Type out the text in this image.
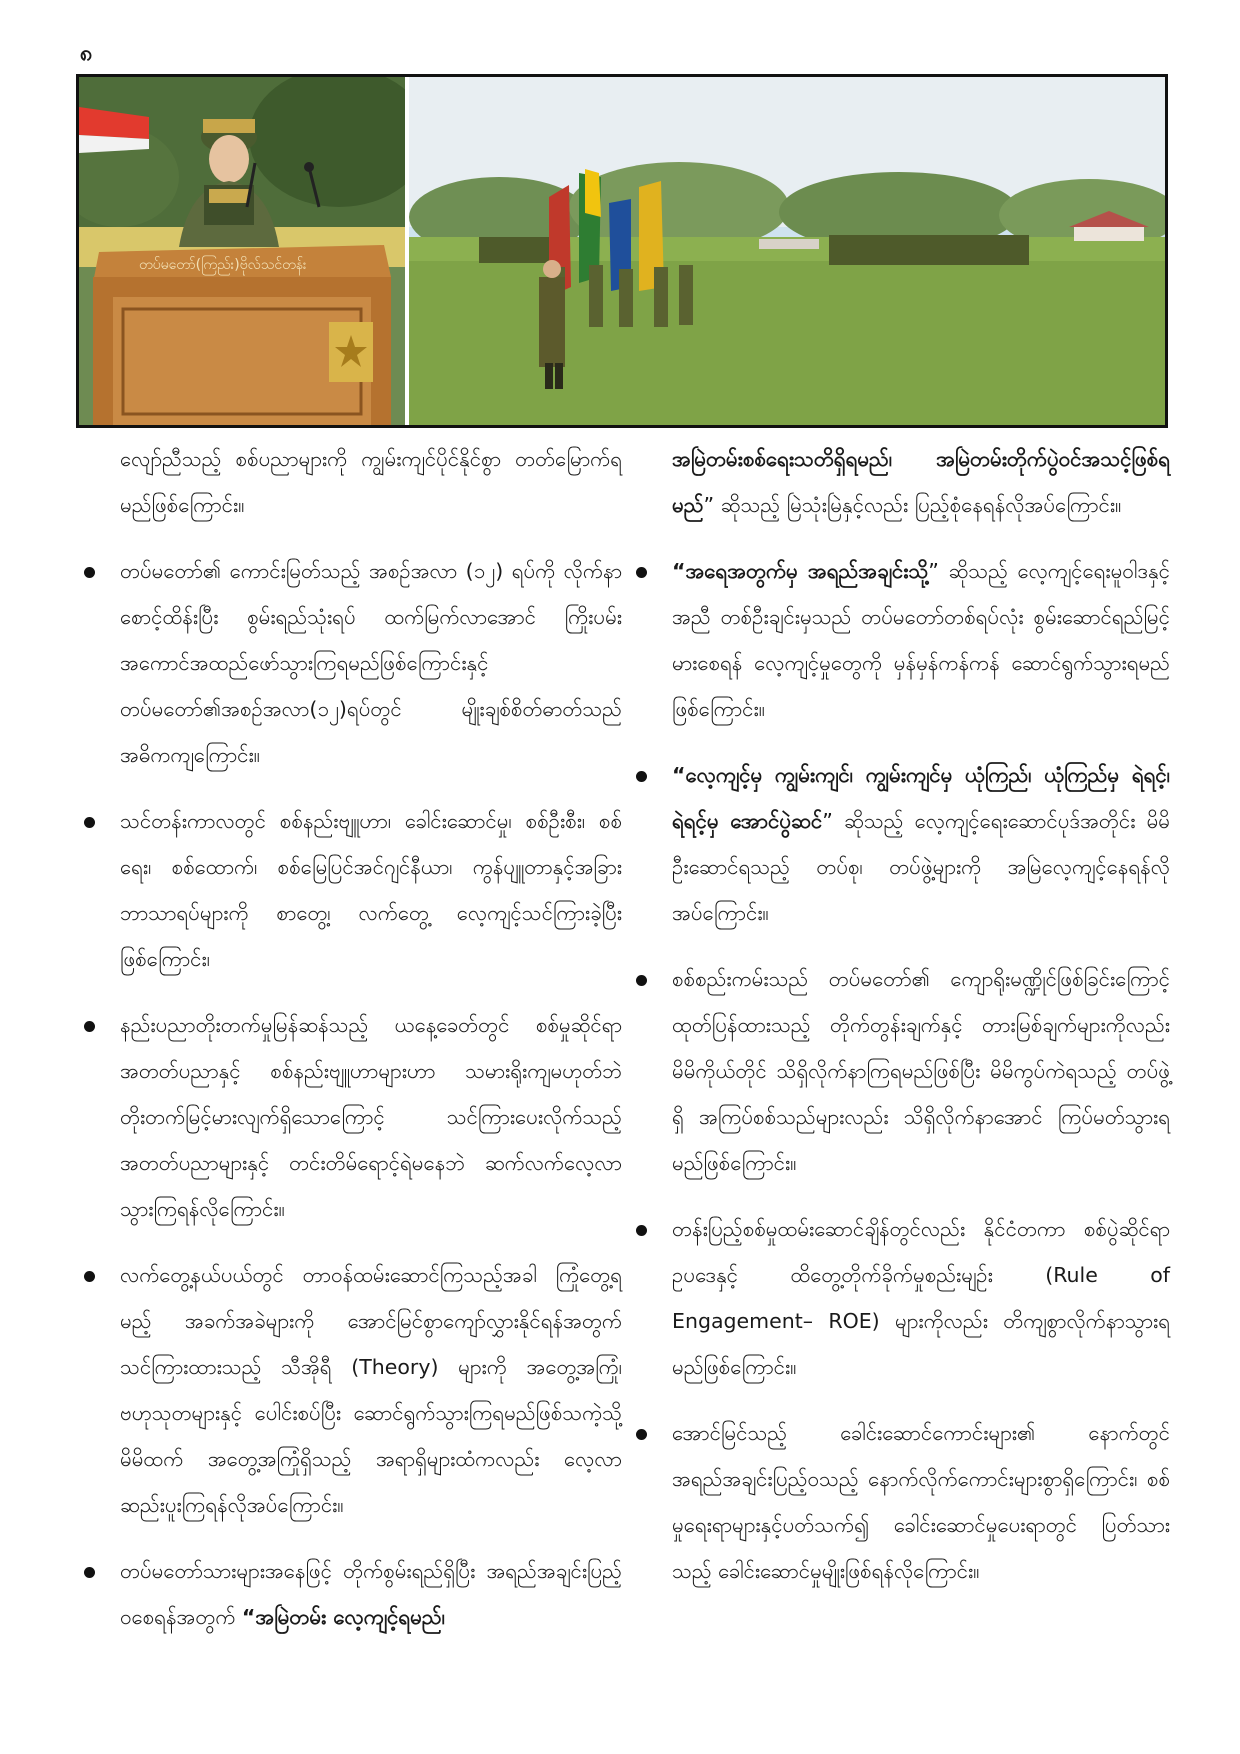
၈
တပ်မတော်(ကြည်း)ဗိုလ်သင်တန်း

လျော်ညီသည့် စစ်ပညာများကို ကျွမ်းကျင်ပိုင်နိုင်စွာ တတ်မြောက်ရမည်ဖြစ်ကြောင်း။

တပ်မတော်၏ ကောင်းမြတ်သည့် အစဉ်အလာ (၁၂) ရပ်ကို လိုက်နာစောင့်ထိန်းပြီး စွမ်းရည်သုံးရပ် ထက်မြက်လာအောင် ကြိုးပမ်းအကောင်အထည်ဖော်သွားကြရမည်ဖြစ်ကြောင်းနှင့် တပ်မတော်၏အစဉ်အလာ(၁၂)ရပ်တွင် မျိုးချစ်စိတ်ဓာတ်သည် အဓိကကျကြောင်း။

သင်တန်းကာလတွင် စစ်နည်းဗျူဟာ၊ ခေါင်းဆောင်မှု၊ စစ်ဦးစီး၊ စစ်ရေး၊ စစ်ထောက်၊ စစ်မြေပြင်အင်ဂျင်နီယာ၊ ကွန်ပျူတာနှင့်အခြားဘာသာရပ်များကို စာတွေ့၊ လက်တွေ့ လေ့ကျင့်သင်ကြားခဲ့ပြီးဖြစ်ကြောင်း၊

နည်းပညာတိုးတက်မှုမြန်ဆန်သည့် ယနေ့ခေတ်တွင် စစ်မှုဆိုင်ရာအတတ်ပညာနှင့် စစ်နည်းဗျူဟာများဟာ သမားရိုးကျမဟုတ်ဘဲ တိုးတက်မြင့်မားလျက်ရှိသောကြောင့် သင်ကြားပေးလိုက်သည့် အတတ်ပညာများနှင့် တင်းတိမ်ရောင့်ရဲမနေဘဲ ဆက်လက်လေ့လာသွားကြရန်လိုကြောင်း။

လက်တွေ့နယ်ပယ်တွင် တာဝန်ထမ်းဆောင်ကြသည့်အခါ ကြုံတွေ့ရမည့် အခက်အခဲများကို အောင်မြင်စွာကျော်လွှားနိုင်ရန်အတွက် သင်ကြားထားသည့် သီအိုရီ (Theory) များကို အတွေ့အကြုံ၊ ဗဟုသုတများနှင့် ပေါင်းစပ်ပြီး ဆောင်ရွက်သွားကြရမည်ဖြစ်သကဲ့သို့ မိမိထက် အတွေ့အကြုံရှိသည့် အရာရှိများထံကလည်း လေ့လာဆည်းပူးကြရန်လိုအပ်ကြောင်း။

တပ်မတော်သားများအနေဖြင့် တိုက်စွမ်းရည်ရှိပြီး အရည်အချင်းပြည့်ဝစေရန်အတွက် “အမြဲတမ်း လေ့ကျင့်ရမည်၊

အမြဲတမ်းစစ်ရေးသတိရှိရမည်၊ အမြဲတမ်းတိုက်ပွဲဝင်အသင့်ဖြစ်ရမည်” ဆိုသည့် မြဲသုံးမြဲနှင့်လည်း ပြည့်စုံနေရန်လိုအပ်ကြောင်း။

“အရေအတွက်မှ အရည်အချင်းသို့” ဆိုသည့် လေ့ကျင့်ရေးမူဝါဒနှင့်အညီ တစ်ဦးချင်းမှသည် တပ်မတော်တစ်ရပ်လုံး စွမ်းဆောင်ရည်မြင့်မားစေရန် လေ့ကျင့်မှုတွေကို မှန်မှန်ကန်ကန် ဆောင်ရွက်သွားရမည်ဖြစ်ကြောင်း။

“လေ့ကျင့်မှ ကျွမ်းကျင်၊ ကျွမ်းကျင်မှ ယုံကြည်၊ ယုံကြည်မှ ရဲရင့်၊ ရဲရင့်မှ အောင်ပွဲဆင်” ဆိုသည့် လေ့ကျင့်ရေးဆောင်ပုဒ်အတိုင်း မိမိဦးဆောင်ရသည့် တပ်စု၊ တပ်ဖွဲ့များကို အမြဲလေ့ကျင့်နေရန်လိုအပ်ကြောင်း။

စစ်စည်းကမ်းသည် တပ်မတော်၏ ကျောရိုးမဏ္ဍိုင်ဖြစ်ခြင်းကြောင့် ထုတ်ပြန်ထားသည့် တိုက်တွန်းချက်နှင့် တားမြစ်ချက်များကိုလည်း မိမိကိုယ်တိုင် သိရှိလိုက်နာကြရမည်ဖြစ်ပြီး မိမိကွပ်ကဲရသည့် တပ်ဖွဲ့ရှိ အကြပ်စစ်သည်များလည်း သိရှိလိုက်နာအောင် ကြပ်မတ်သွားရမည်ဖြစ်ကြောင်း။

တန်းပြည့်စစ်မှုထမ်းဆောင်ချိန်တွင်လည်း နိုင်ငံတကာ စစ်ပွဲဆိုင်ရာဥပဒေနှင့် ထိတွေ့တိုက်ခိုက်မှုစည်းမျဉ်း (Rule of Engagement– ROE) များကိုလည်း တိကျစွာလိုက်နာသွားရမည်ဖြစ်ကြောင်း။

အောင်မြင်သည့် ခေါင်းဆောင်ကောင်းများ၏ နောက်တွင် အရည်အချင်းပြည့်ဝသည့် နောက်လိုက်ကောင်းများစွာရှိကြောင်း၊ စစ်မှုရေးရာများနှင့်ပတ်သက်၍ ခေါင်းဆောင်မှုပေးရာတွင် ပြတ်သားသည့် ခေါင်းဆောင်မှုမျိုးဖြစ်ရန်လိုကြောင်း။
